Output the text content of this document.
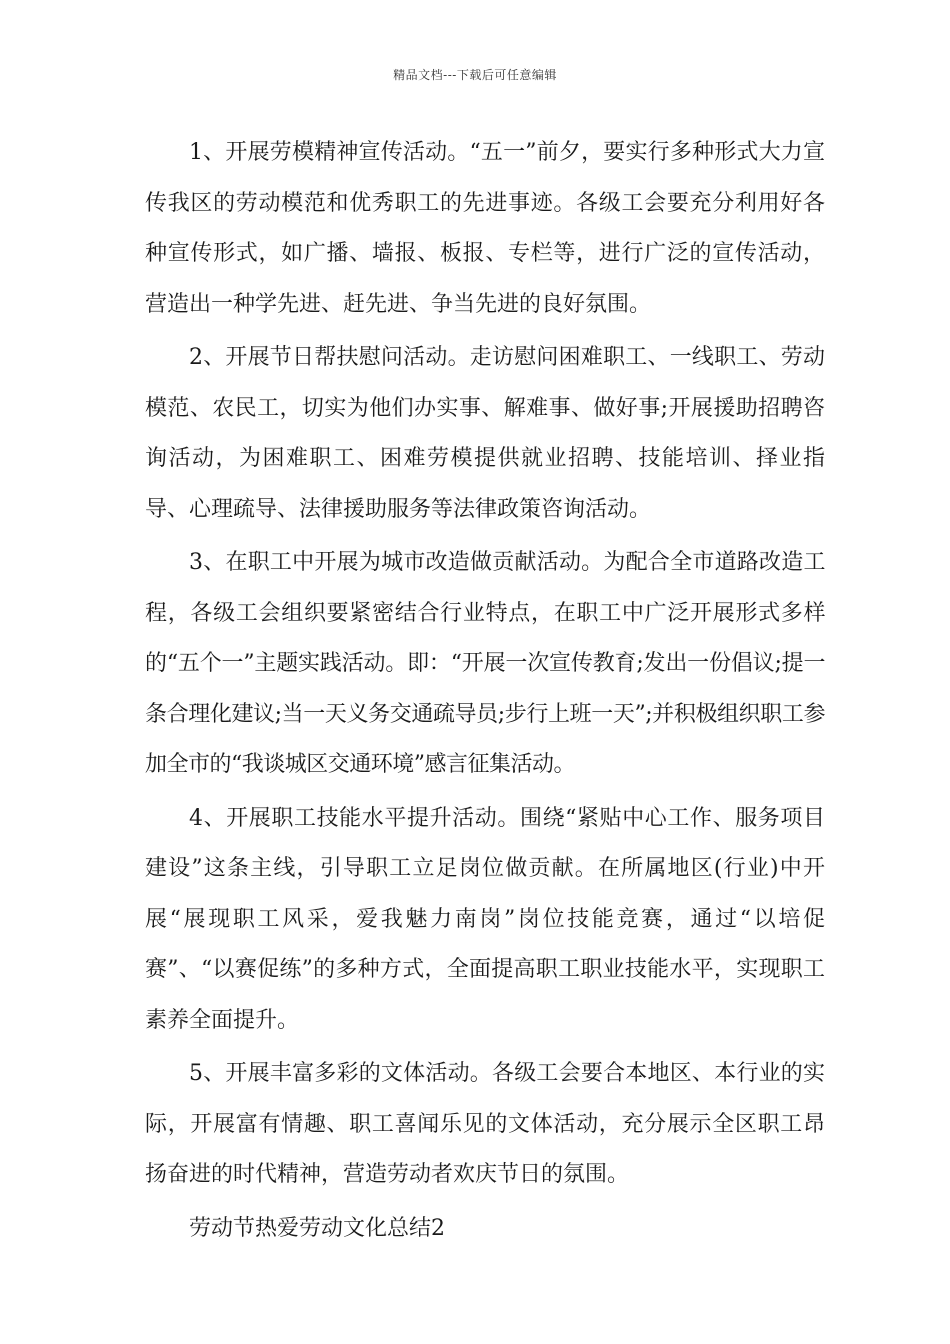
精品文档---下载后可任意编辑

1、开展劳模精神宣传活动。“五一”前夕，要实行多种形式大力宣传我区的劳动模范和优秀职工的先进事迹。各级工会要充分利用好各种宣传形式，如广播、墙报、板报、专栏等，进行广泛的宣传活动，营造出一种学先进、赶先进、争当先进的良好氛围。

2、开展节日帮扶慰问活动。走访慰问困难职工、一线职工、劳动模范、农民工，切实为他们办实事、解难事、做好事;开展援助招聘咨询活动，为困难职工、困难劳模提供就业招聘、技能培训、择业指导、心理疏导、法律援助服务等法律政策咨询活动。

3、在职工中开展为城市改造做贡献活动。为配合全市道路改造工程，各级工会组织要紧密结合行业特点，在职工中广泛开展形式多样的“五个一”主题实践活动。即：“开展一次宣传教育;发出一份倡议;提一条合理化建议;当一天义务交通疏导员;步行上班一天”;并积极组织职工参加全市的“我谈城区交通环境”感言征集活动。

4、开展职工技能水平提升活动。围绕“紧贴中心工作、服务项目建设”这条主线，引导职工立足岗位做贡献。在所属地区(行业)中开展“展现职工风采，爱我魅力南岗”岗位技能竞赛，通过“以培促赛”、“以赛促练”的多种方式，全面提高职工职业技能水平，实现职工素养全面提升。

5、开展丰富多彩的文体活动。各级工会要合本地区、本行业的实际，开展富有情趣、职工喜闻乐见的文体活动，充分展示全区职工昂扬奋进的时代精神，营造劳动者欢庆节日的氛围。

劳动节热爱劳动文化总结2
